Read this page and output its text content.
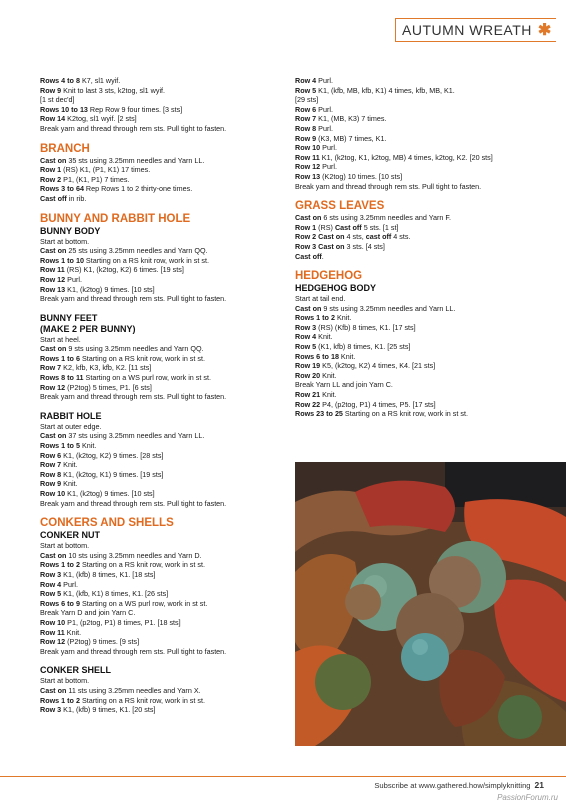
AUTUMN WREATH ✱
Rows 4 to 8 K7, sl1 wyif.
Row 9 Knit to last 3 sts, k2tog, sl1 wyif.
[1 st dec'd]
Rows 10 to 13 Rep Row 9 four times. [3 sts]
Row 14 K2tog, sl1 wyif. [2 sts]
Break yarn and thread through rem sts. Pull tight to fasten.
BRANCH
Cast on 35 sts using 3.25mm needles and Yarn LL.
Row 1 (RS) K1, (P1, K1) 17 times.
Row 2 P1, (K1, P1) 7 times.
Rows 3 to 64 Rep Rows 1 to 2 thirty-one times.
Cast off in rib.
BUNNY AND RABBIT HOLE
BUNNY BODY
Start at bottom.
Cast on 25 sts using 3.25mm needles and Yarn QQ.
Rows 1 to 10 Starting on a RS knit row, work in st st.
Row 11 (RS) K1, (k2tog, K2) 6 times. [19 sts]
Row 12 Purl.
Row 13 K1, (k2tog) 9 times. [10 sts]
Break yarn and thread through rem sts. Pull tight to fasten.
BUNNY FEET
(MAKE 2 PER BUNNY)
Start at heel.
Cast on 9 sts using 3.25mm needles and Yarn QQ.
Rows 1 to 6 Starting on a RS knit row, work in st st.
Row 7 K2, kfb, K3, kfb, K2. [11 sts]
Rows 8 to 11 Starting on a WS purl row, work in st st.
Row 12 (P2tog) 5 times, P1. [6 sts]
Break yarn and thread through rem sts. Pull tight to fasten.
RABBIT HOLE
Start at outer edge.
Cast on 37 sts using 3.25mm needles and Yarn LL.
Rows 1 to 5 Knit.
Row 6 K1, (k2tog, K2) 9 times. [28 sts]
Row 7 Knit.
Row 8 K1, (k2tog, K1) 9 times. [19 sts]
Row 9 Knit.
Row 10 K1, (k2tog) 9 times. [10 sts]
Break yarn and thread through rem sts. Pull tight to fasten.
CONKERS AND SHELLS
CONKER NUT
Start at bottom.
Cast on 10 sts using 3.25mm needles and Yarn D.
Rows 1 to 2 Starting on a RS knit row, work in st st.
Row 3 K1, (kfb) 8 times, K1. [18 sts]
Row 4 Purl.
Row 5 K1, (kfb, K1) 8 times, K1. [26 sts]
Rows 6 to 9 Starting on a WS purl row, work in st st.
Break Yarn D and join Yarn C.
Row 10 P1, (p2tog, P1) 8 times, P1. [18 sts]
Row 11 Knit.
Row 12 (P2tog) 9 times. [9 sts]
Break yarn and thread through rem sts. Pull tight to fasten.
CONKER SHELL
Start at bottom.
Cast on 11 sts using 3.25mm needles and Yarn X.
Rows 1 to 2 Starting on a RS knit row, work in st st.
Row 3 K1, (kfb) 9 times, K1. [20 sts]
Row 4 Purl.
Row 5 K1, (kfb, MB, kfb, K1) 4 times, kfb, MB, K1.
[29 sts]
Row 6 Purl.
Row 7 K1, (MB, K3) 7 times.
Row 8 Purl.
Row 9 (K3, MB) 7 times, K1.
Row 10 Purl.
Row 11 K1, (k2tog, K1, k2tog, MB) 4 times, k2tog, K2. [20 sts]
Row 12 Purl.
Row 13 (K2tog) 10 times. [10 sts]
Break yarn and thread through rem sts. Pull tight to fasten.
GRASS LEAVES
Cast on 6 sts using 3.25mm needles and Yarn F.
Row 1 (RS) Cast off 5 sts. [1 st]
Row 2 Cast on 4 sts, cast off 4 sts.
Row 3 Cast on 3 sts. [4 sts]
Cast off.
HEDGEHOG
HEDGEHOG BODY
Start at tail end.
Cast on 9 sts using 3.25mm needles and Yarn LL.
Rows 1 to 2 Knit.
Row 3 (RS) (Kfb) 8 times, K1. [17 sts]
Row 4 Knit.
Row 5 (K1, kfb) 8 times, K1. [25 sts]
Rows 6 to 18 Knit.
Row 19 K5, (k2tog, K2) 4 times, K4. [21 sts]
Row 20 Knit.
Break Yarn LL and join Yarn C.
Row 21 Knit.
Row 22 P4, (p2tog, P1) 4 times, P5. [17 sts]
Rows 23 to 25 Starting on a RS knit row, work in st st.
Subscribe at www.gathered.how/simplyknitting 21
PassionForum.ru
